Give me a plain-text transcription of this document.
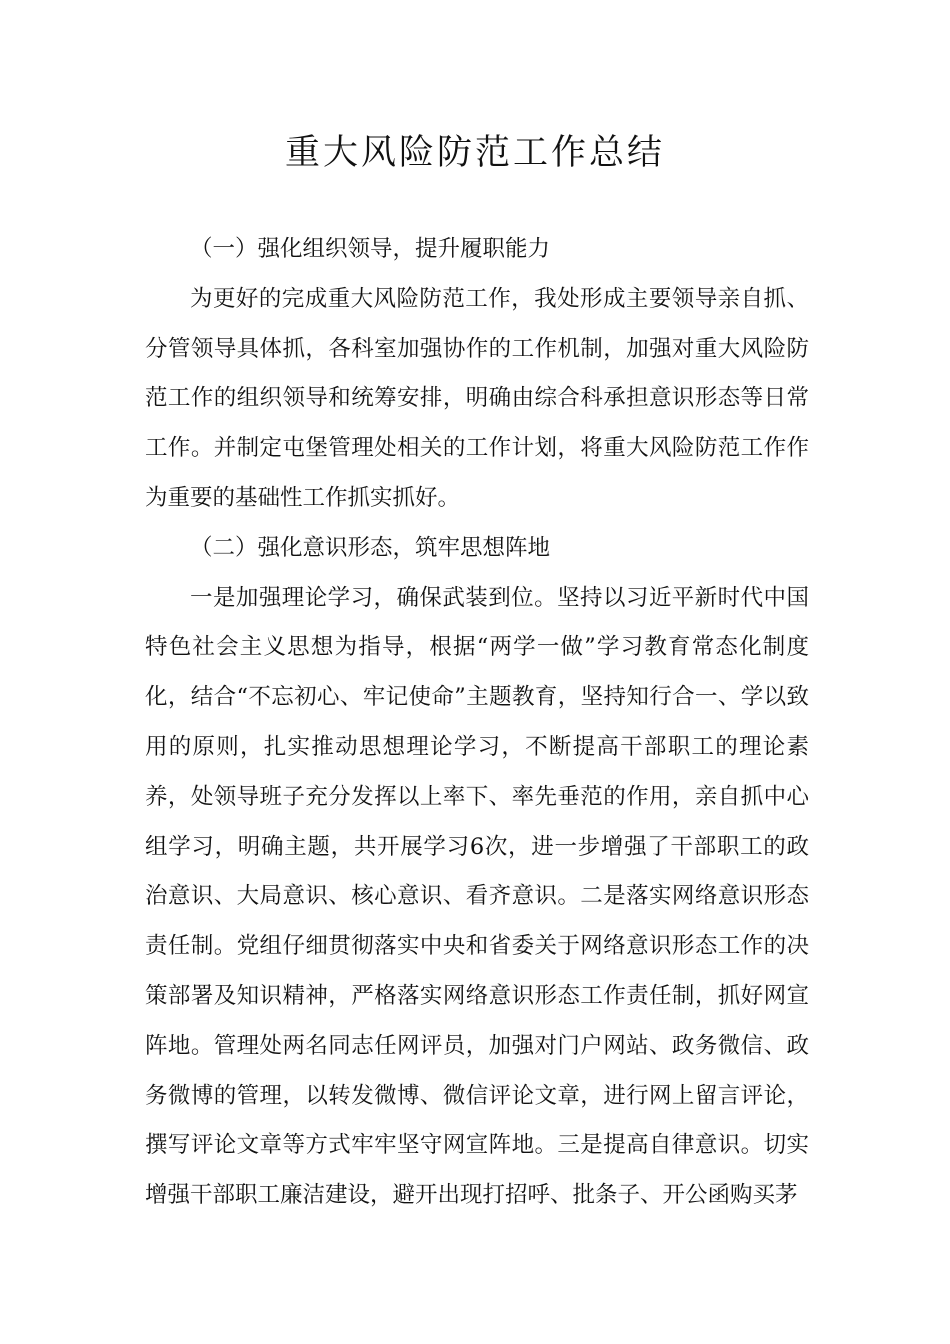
重大风险防范工作总结

（一）强化组织领导，提升履职能力

为更好的完成重大风险防范工作，我处形成主要领导亲自抓、分管领导具体抓，各科室加强协作的工作机制，加强对重大风险防范工作的组织领导和统筹安排，明确由综合科承担意识形态等日常工作。并制定屯堡管理处相关的工作计划，将重大风险防范工作作为重要的基础性工作抓实抓好。

（二）强化意识形态，筑牢思想阵地

一是加强理论学习，确保武装到位。坚持以习近平新时代中国特色社会主义思想为指导，根据“两学一做”学习教育常态化制度化，结合“不忘初心、牢记使命”主题教育，坚持知行合一、学以致用的原则，扎实推动思想理论学习，不断提高干部职工的理论素养，处领导班子充分发挥以上率下、率先垂范的作用，亲自抓中心组学习，明确主题，共开展学习6次，进一步增强了干部职工的政治意识、大局意识、核心意识、看齐意识。二是落实网络意识形态责任制。党组仔细贯彻落实中央和省委关于网络意识形态工作的决策部署及知识精神，严格落实网络意识形态工作责任制，抓好网宣阵地。管理处两名同志任网评员，加强对门户网站、政务微信、政务微博的管理，以转发微博、微信评论文章，进行网上留言评论，撰写评论文章等方式牢牢坚守网宣阵地。三是提高自律意识。切实增强干部职工廉洁建设，避开出现打招呼、批条子、开公函购买茅
